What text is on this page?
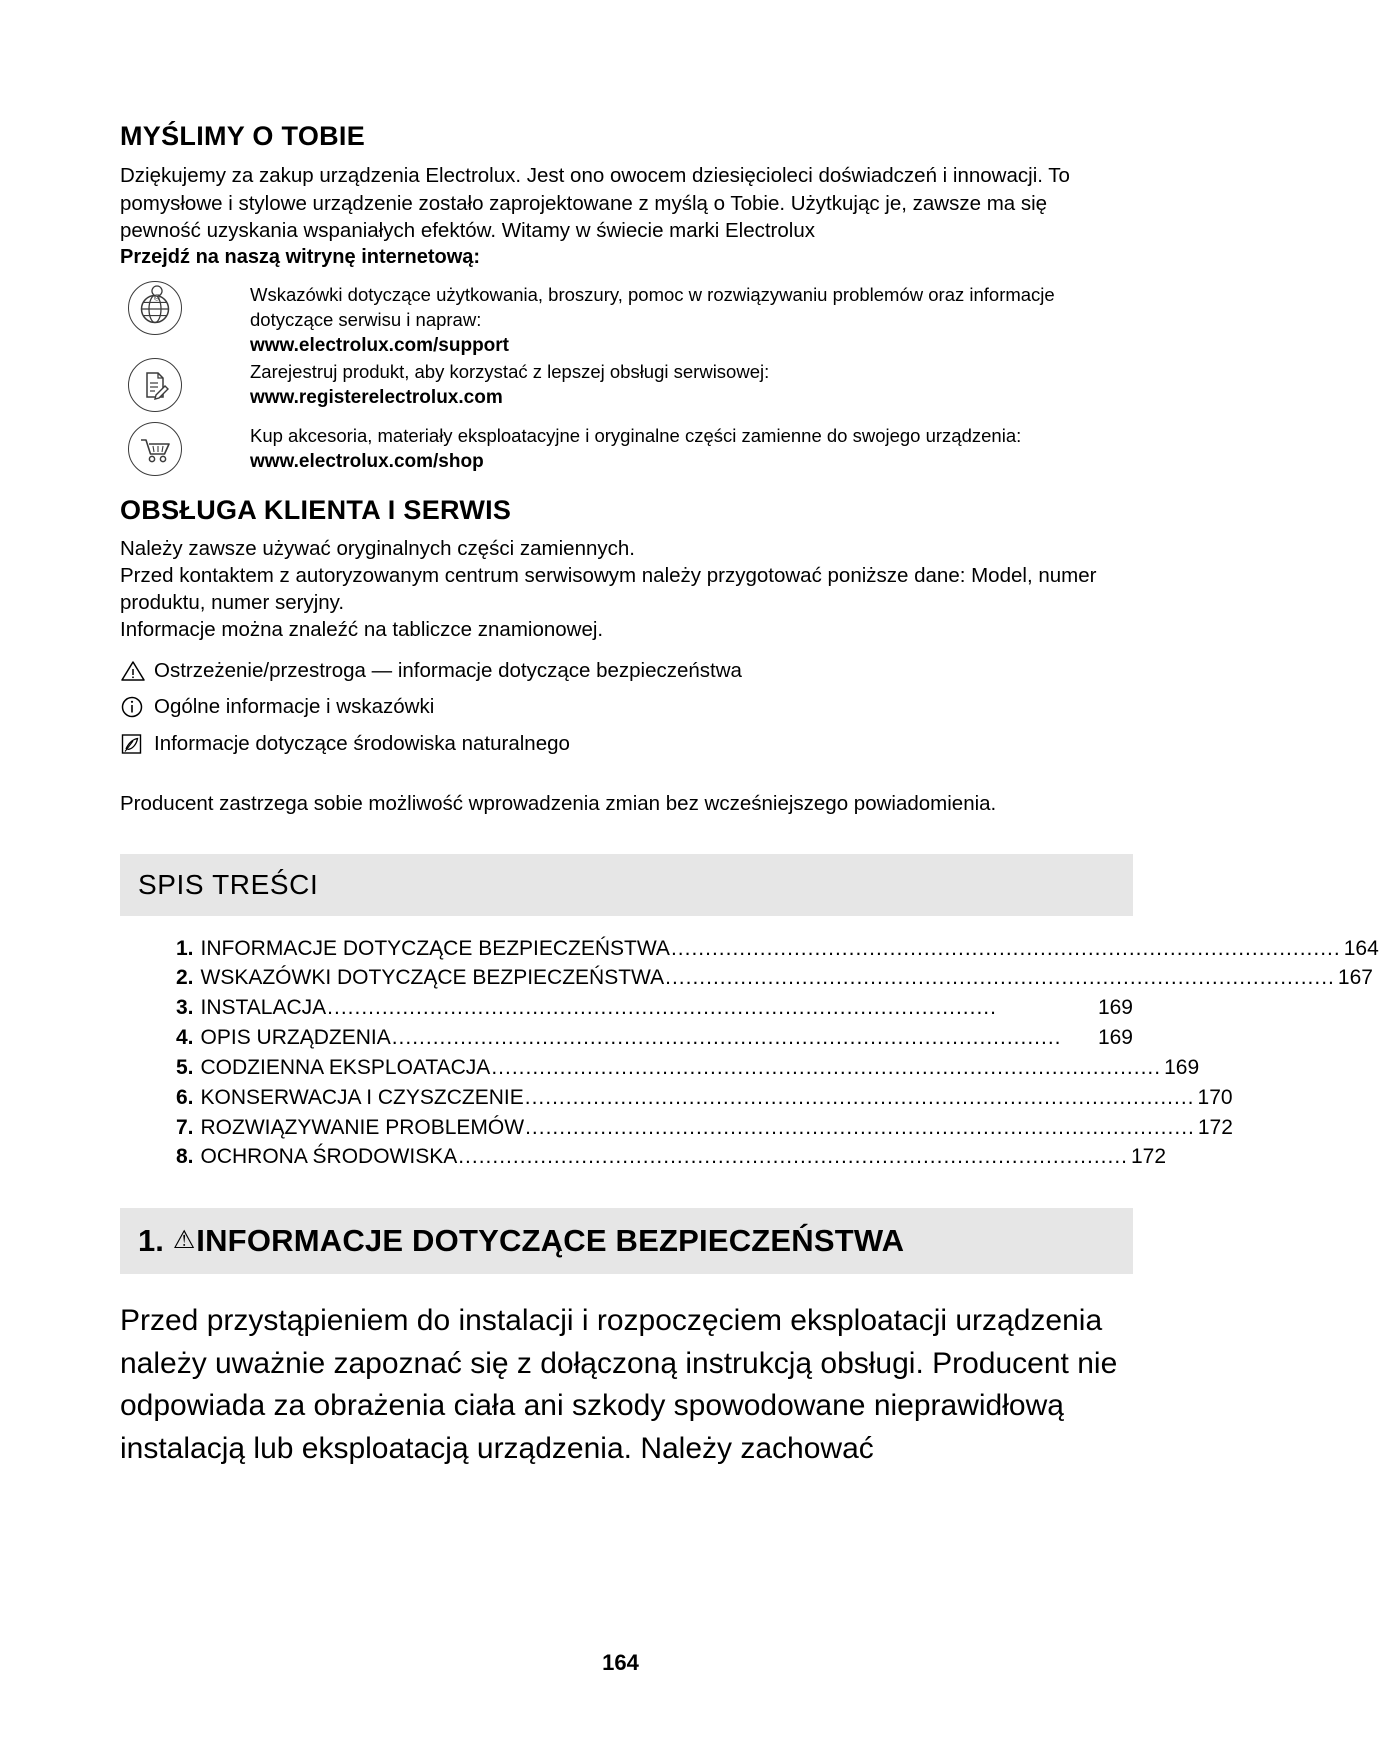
MYŚLIMY O TOBIE

Dziękujemy za zakup urządzenia Electrolux. Jest ono owocem dziesięcioleci doświadczeń i innowacji. To pomysłowe i stylowe urządzenie zostało zaprojektowane z myślą o Tobie. Użytkując je, zawsze ma się pewność uzyskania wspaniałych efektów. Witamy w świecie marki Electrolux

Przejdź na naszą witrynę internetową:
@	Wskazówki dotyczące użytkowania, broszury, pomoc w rozwiązywaniu problemów oraz informacje dotyczące serwisu i napraw:
www.electrolux.com/support
Zarejestruj produkt, aby korzystać z lepszej obsługi serwisowej:
www.registerelectrolux.com
Kup akcesoria, materiały eksploatacyjne i oryginalne części zamienne do swojego urządzenia:
www.electrolux.com/shop
OBSŁUGA KLIENTA I SERWIS

Należy zawsze używać oryginalnych części zamiennych.

Przed kontaktem z autoryzowanym centrum serwisowym należy przygotować poniższe dane: Model, numer produktu, numer seryjny.

Informacje można znaleźć na tabliczce znamionowej.

Ostrzeżenie/przestroga — informacje dotyczące bezpieczeństwa
Ogólne informacje i wskazówki
Informacje dotyczące środowiska naturalnego

Producent zastrzega sobie możliwość wprowadzenia zmian bez wcześniejszego powiadomienia.

SPIS TREŚCI
1. INFORMACJE DOTYCZĄCE BEZPIECZEŃSTWA .................................................................................................. 164
2. WSKAZÓWKI DOTYCZĄCE BEZPIECZEŃSTWA .................................................................................................. 167
3. INSTALACJA ..................................................................................................	169
4. OPIS URZĄDZENIA ..................................................................................................	169
5. CODZIENNA EKSPLOATACJA .................................................................................................. 169
6. KONSERWACJA I CZYSZCZENIE .................................................................................................. 170
7. ROZWIĄZYWANIE PROBLEMÓW .................................................................................................. 172
8. OCHRONA ŚRODOWISKA .................................................................................................. 172
1. ⚠ INFORMACJE DOTYCZĄCE BEZPIECZEŃSTWA
Przed przystąpieniem do instalacji i rozpoczęciem eksploatacji urządzenia należy uważnie zapoznać się z dołączoną instrukcją obsługi. Producent nie odpowiada za obrażenia ciała ani szkody spowodowane nieprawidłową instalacją lub eksploatacją urządzenia. Należy zachować
164
